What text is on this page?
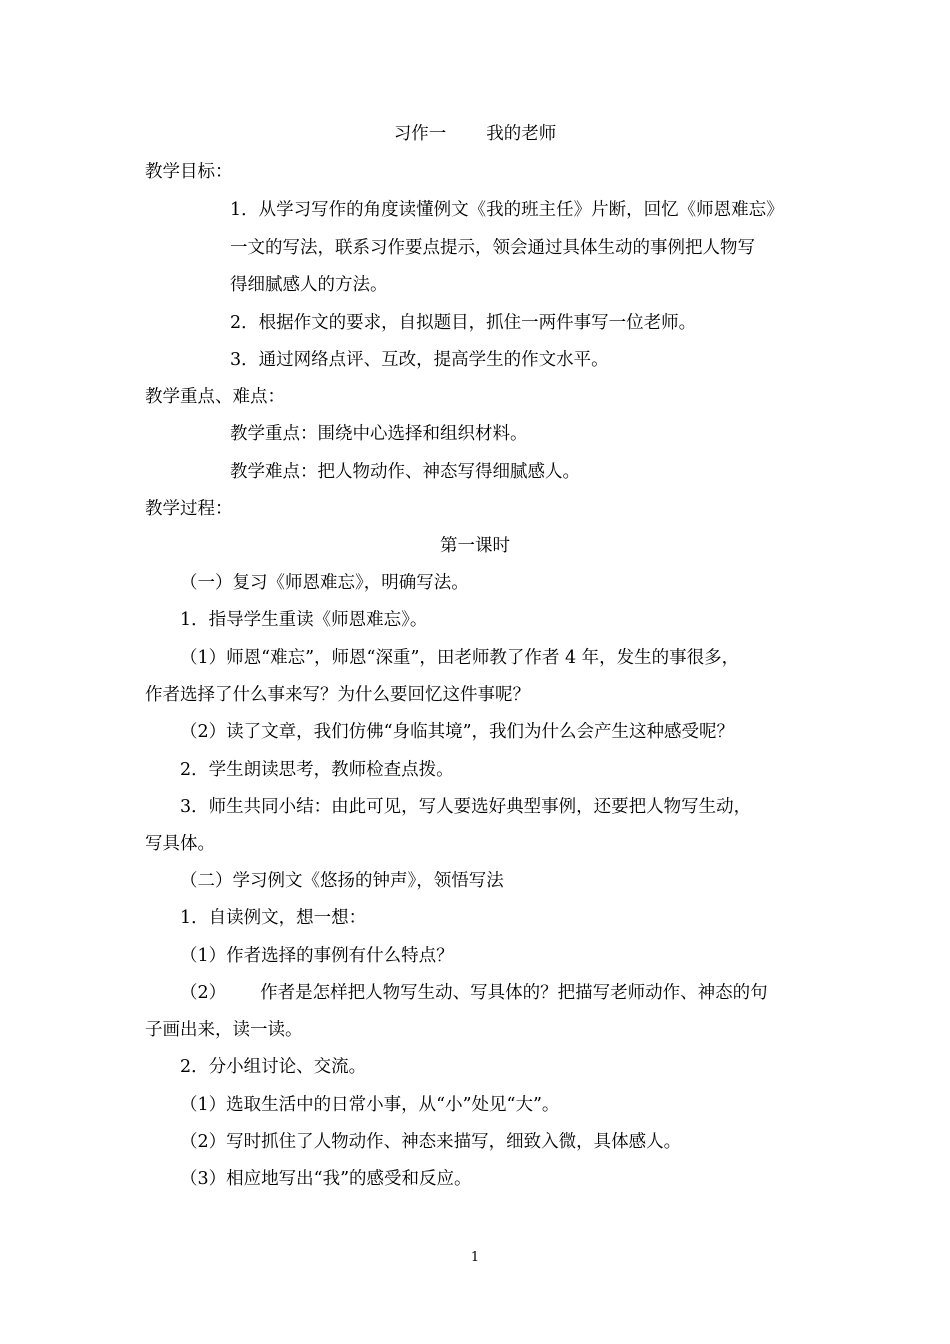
习作一 我的老师
教学目标：
1．从学习写作的角度读懂例文《我的班主任》片断，回忆《师恩难忘》
一文的写法，联系习作要点提示，领会通过具体生动的事例把人物写
得细腻感人的方法。
2．根据作文的要求，自拟题目，抓住一两件事写一位老师。
3．通过网络点评、互改，提高学生的作文水平。
教学重点、难点：
教学重点：围绕中心选择和组织材料。
教学难点：把人物动作、神态写得细腻感人。
教学过程：
第一课时
（一）复习《师恩难忘》，明确写法。
1．指导学生重读《师恩难忘》。
（1）师恩“难忘”，师恩“深重”，田老师教了作者 4 年，发生的事很多，
作者选择了什么事来写？为什么要回忆这件事呢？
（2）读了文章，我们仿佛“身临其境”，我们为什么会产生这种感受呢？
2．学生朗读思考，教师检查点拨。
3．师生共同小结：由此可见，写人要选好典型事例，还要把人物写生动，
写具体。
（二）学习例文《悠扬的钟声》，领悟写法
1．自读例文，想一想：
（1）作者选择的事例有什么特点？
（2） 作者是怎样把人物写生动、写具体的？把描写老师动作、神态的句
子画出来，读一读。
2．分小组讨论、交流。
（1）选取生活中的日常小事，从“小”处见“大”。
（2）写时抓住了人物动作、神态来描写，细致入微，具体感人。
（3）相应地写出“我”的感受和反应。
1
